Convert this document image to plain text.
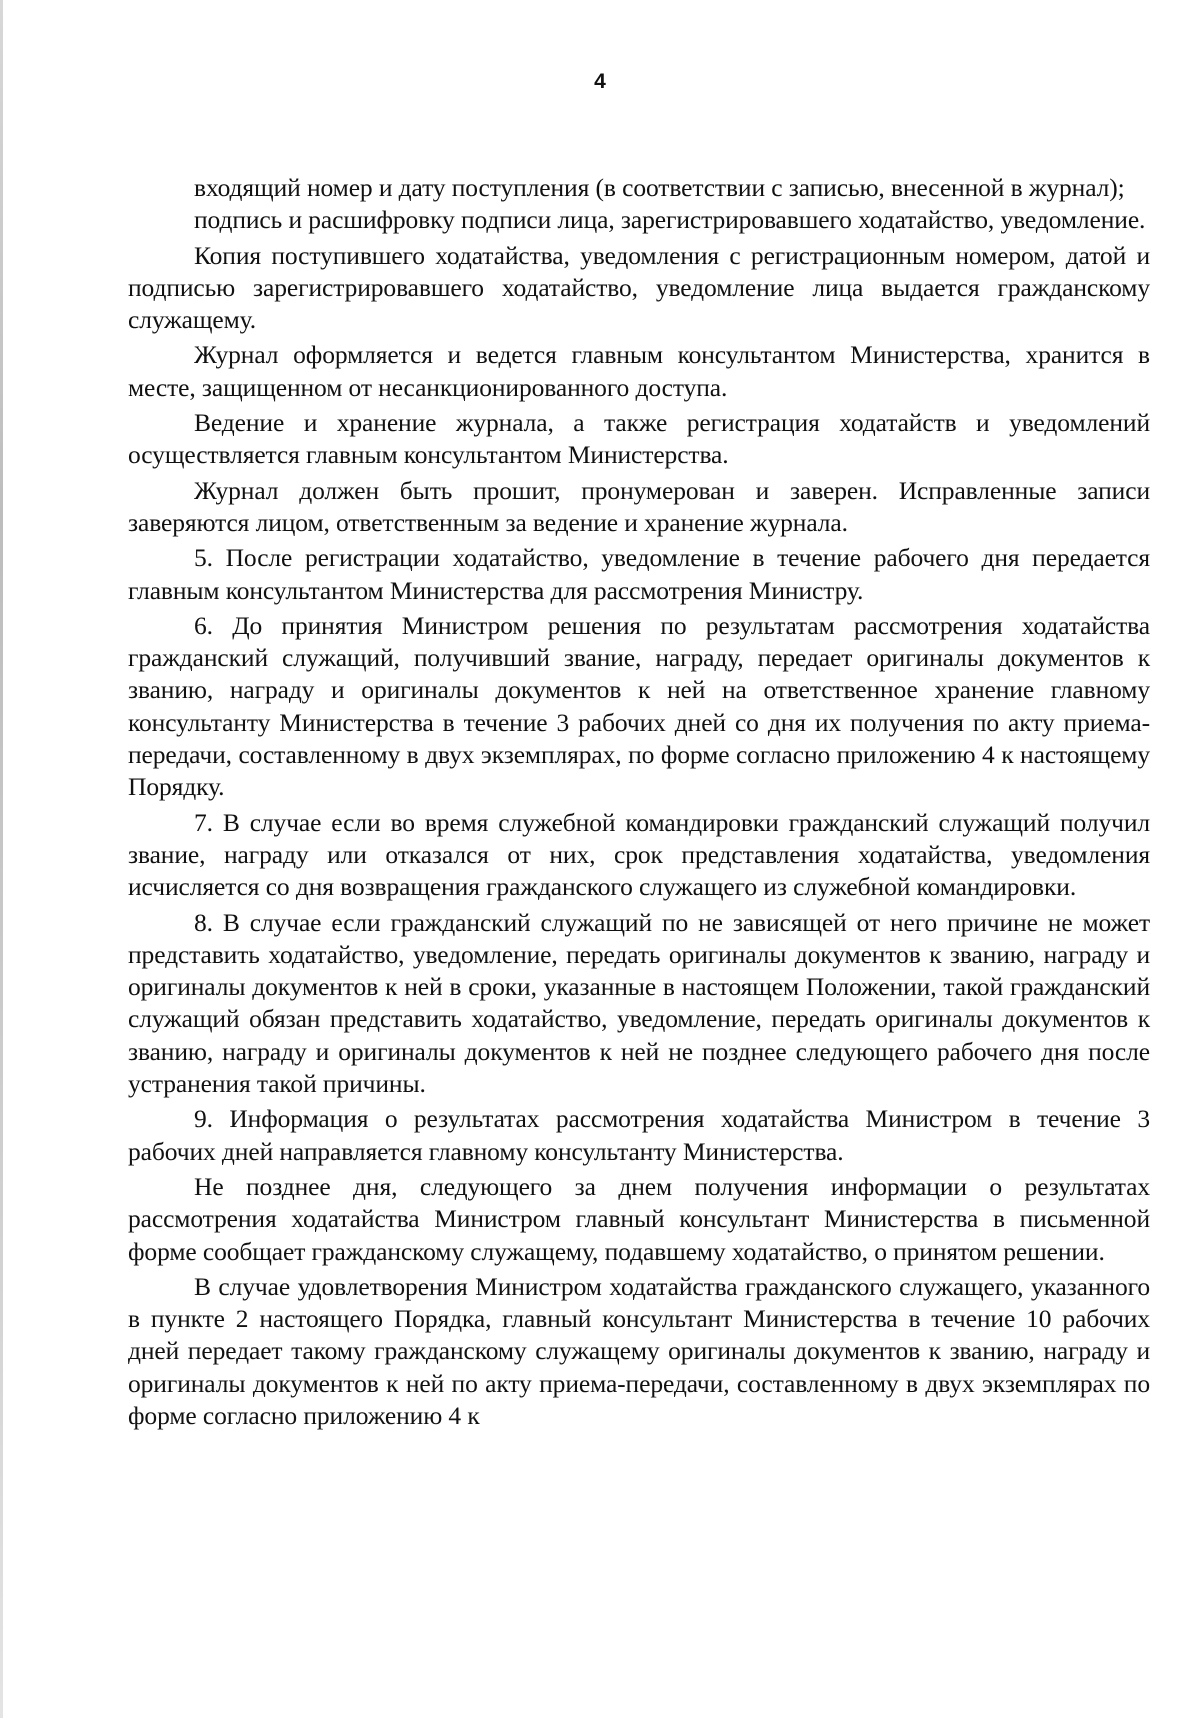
4

входящий номер и дату поступления (в соответствии с записью, внесенной в журнал);

подпись и расшифровку подписи лица, зарегистрировавшего ходатайство, уведомление.

Копия поступившего ходатайства, уведомления с регистрационным номером, датой и подписью зарегистрировавшего ходатайство, уведомление лица выдается гражданскому служащему.

Журнал оформляется и ведется главным консультантом Министерства, хранится в месте, защищенном от несанкционированного доступа.

Ведение и хранение журнала, а также регистрация ходатайств и уведомлений осуществляется главным консультантом Министерства.

Журнал должен быть прошит, пронумерован и заверен. Исправленные записи заверяются лицом, ответственным за ведение и хранение журнала.

5. После регистрации ходатайство, уведомление в течение рабочего дня передается главным консультантом Министерства для рассмотрения Министру.

6. До принятия Министром решения по результатам рассмотрения ходатайства гражданский служащий, получивший звание, награду, передает оригиналы документов к званию, награду и оригиналы документов к ней на ответственное хранение главному консультанту Министерства в течение 3 рабочих дней со дня их получения по акту приема-передачи, составленному в двух экземплярах, по форме согласно приложению 4 к настоящему Порядку.

7. В случае если во время служебной командировки гражданский служащий получил звание, награду или отказался от них, срок представления ходатайства, уведомления исчисляется со дня возвращения гражданского служащего из служебной командировки.

8. В случае если гражданский служащий по не зависящей от него причине не может представить ходатайство, уведомление, передать оригиналы документов к званию, награду и оригиналы документов к ней в сроки, указанные в настоящем Положении, такой гражданский служащий обязан представить ходатайство, уведомление, передать оригиналы документов к званию, награду и оригиналы документов к ней не позднее следующего рабочего дня после устранения такой причины.

9. Информация о результатах рассмотрения ходатайства Министром в течение 3 рабочих дней направляется главному консультанту Министерства.

Не позднее дня, следующего за днем получения информации о результатах рассмотрения ходатайства Министром главный консультант Министерства в письменной форме сообщает гражданскому служащему, подавшему ходатайство, о принятом решении.

В случае удовлетворения Министром ходатайства гражданского служащего, указанного в пункте 2 настоящего Порядка, главный консультант Министерства в течение 10 рабочих дней передает такому гражданскому служащему оригиналы документов к званию, награду и оригиналы документов к ней по акту приема-передачи, составленному в двух экземплярах по форме согласно приложению 4 к
